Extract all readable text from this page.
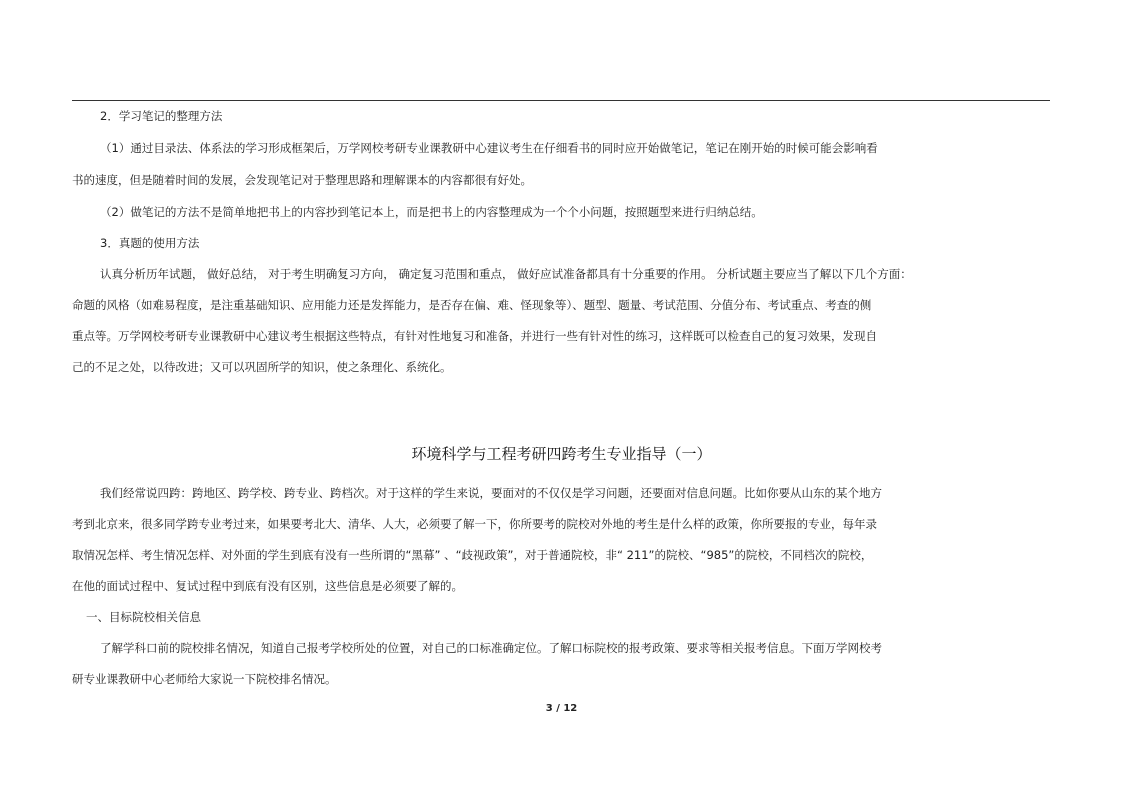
2．学习笔记的整理方法
（1）通过目录法、体系法的学习形成框架后，万学网校考研专业课教研中心建议考生在仔细看书的同时应开始做笔记，笔记在刚开始的时候可能会影响看
书的速度，但是随着时间的发展，会发现笔记对于整理思路和理解课本的内容都很有好处。
（2）做笔记的方法不是简单地把书上的内容抄到笔记本上，而是把书上的内容整理成为一个个小问题，按照题型来进行归纳总结。
3．真题的使用方法
认真分析历年试题， 做好总结， 对于考生明确复习方向， 确定复习范围和重点， 做好应试准备都具有十分重要的作用。 分析试题主要应当了解以下几个方面：
命题的风格（如难易程度，是注重基础知识、应用能力还是发挥能力，是否存在偏、难、怪现象等）、题型、题量、考试范围、分值分布、考试重点、考查的侧
重点等。万学网校考研专业课教研中心建议考生根据这些特点，有针对性地复习和准备，并进行一些有针对性的练习，这样既可以检查自己的复习效果，发现自
己的不足之处，以待改进；又可以巩固所学的知识，使之条理化、系统化。
环境科学与工程考研四跨考生专业指导（一）
我们经常说四跨：跨地区、跨学校、跨专业、跨档次。对于这样的学生来说，要面对的不仅仅是学习问题，还要面对信息问题。比如你要从山东的某个地方
考到北京来，很多同学跨专业考过来，如果要考北大、清华、人大，必须要了解一下，你所要考的院校对外地的考生是什么样的政策，你所要报的专业，每年录
取情况怎样、考生情况怎样、对外面的学生到底有没有一些所谓的“黑幕” 、“歧视政策”，对于普通院校，非“ 211”的院校、“985”的院校，不同档次的院校，
在他的面试过程中、复试过程中到底有没有区别，这些信息是必须要了解的。
一、目标院校相关信息
了解学科口前的院校排名情况，知道自己报考学校所处的位置，对自己的口标准确定位。了解口标院校的报考政策、要求等相关报考信息。下面万学网校考
研专业课教研中心老师给大家说一下院校排名情况。
3 / 12
